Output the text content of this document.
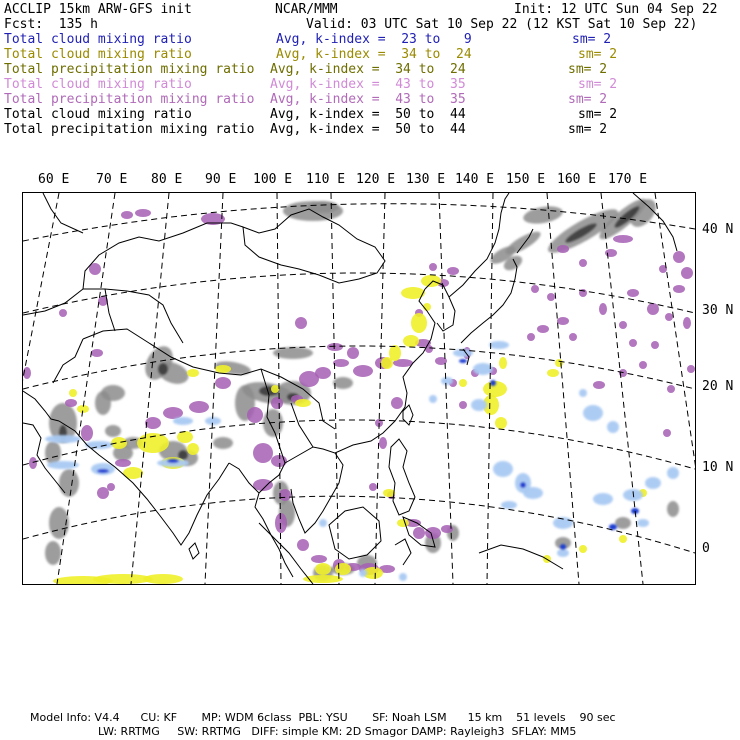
ACCLIP 15km ARW-GFS init	NCAR/MMM	Init: 12 UTC Sun 04 Sep 22
Fcst:  135 h	Valid: 03 UTC Sat 10 Sep 22 (12 KST Sat 10 Sep 22)
Total cloud mixing ratio	Avg, k-index =  23 to   9	sm= 2
Total cloud mixing ratio	Avg, k-index =  34 to  24	sm= 2
Total precipitation mixing ratio Avg, k-index =  34 to  24	sm= 2
Total cloud mixing ratio	Avg, k-index =  43 to  35	sm= 2
Total precipitation mixing ratio Avg, k-index =  43 to  35	sm= 2
Total cloud mixing ratio	Avg, k-index =  50 to  44	sm= 2
Total precipitation mixing ratio Avg, k-index =  50 to  44	sm= 2
60 E 70 E 80 E 90 E 100 E 110 E 120 E 130 E 140 E 150 E 160 E 170 E
40 N
30 N
20 N
10 N
0
Model Info: V4.4      CU: KF       MP: WDM 6class  PBL: YSU       SF: Noah LSM      15 km    51 levels    90 sec
LW: RRTMG     SW: RRTMG   DIFF: simple KM: 2D Smagor DAMP: Rayleigh3  SFLAY: MM5
